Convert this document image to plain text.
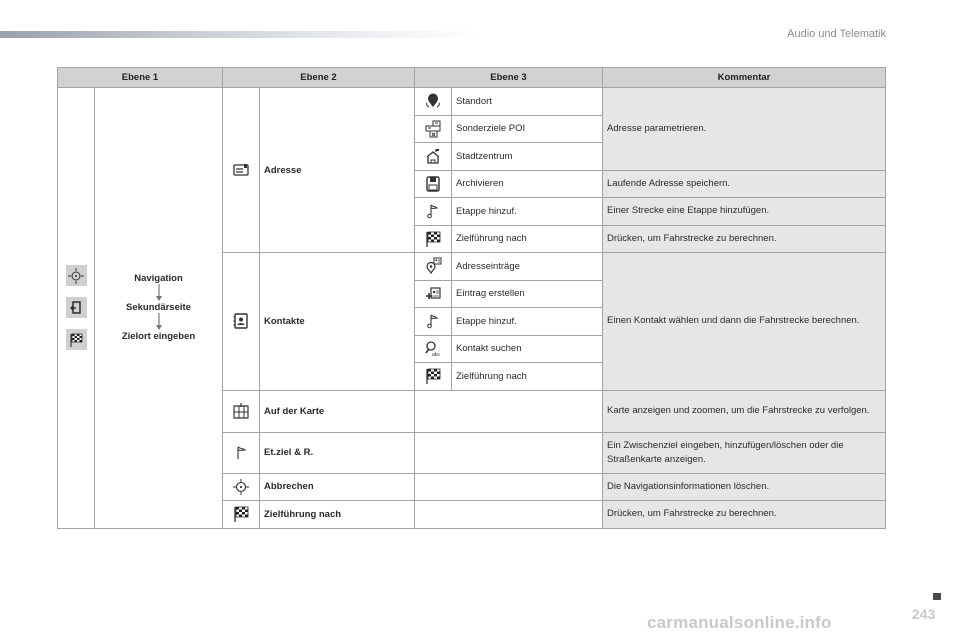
Audio und Telematik
Ebene 1		Ebene 2		Ebene 3		Kommentar

Navigation
Sekundärseite
Zielort eingeben		Adresse		Standort	Adresse parametrieren.

	Sonderziele POI	

	Stadtzentrum	

	Archivieren	Laufende Adresse speichern.

	Etappe hinzuf.	Einer Strecke eine Etappe hinzufügen.

	Zielführung nach	Drücken, um Fahrstrecke zu berechnen.

	Kontakte		Adresseinträge	Einen Kontakt wählen und dann die Fahrstrecke berechnen.

	Eintrag erstellen	

	Etappe hinzuf.	

abc	Kontakt suchen	

	Zielführung nach	

	Auf der Karte			Karte anzeigen und zoomen, um die Fahrstrecke zu verfolgen.

	Et.ziel & R.			Ein Zwischenziel eingeben, hinzufügen/löschen oder die Straßenkarte anzeigen.

	Abbrechen			Die Navigationsinformationen löschen.

	Zielführung nach			Drücken, um Fahrstrecke zu berechnen.
243
carmanualsonline.info
